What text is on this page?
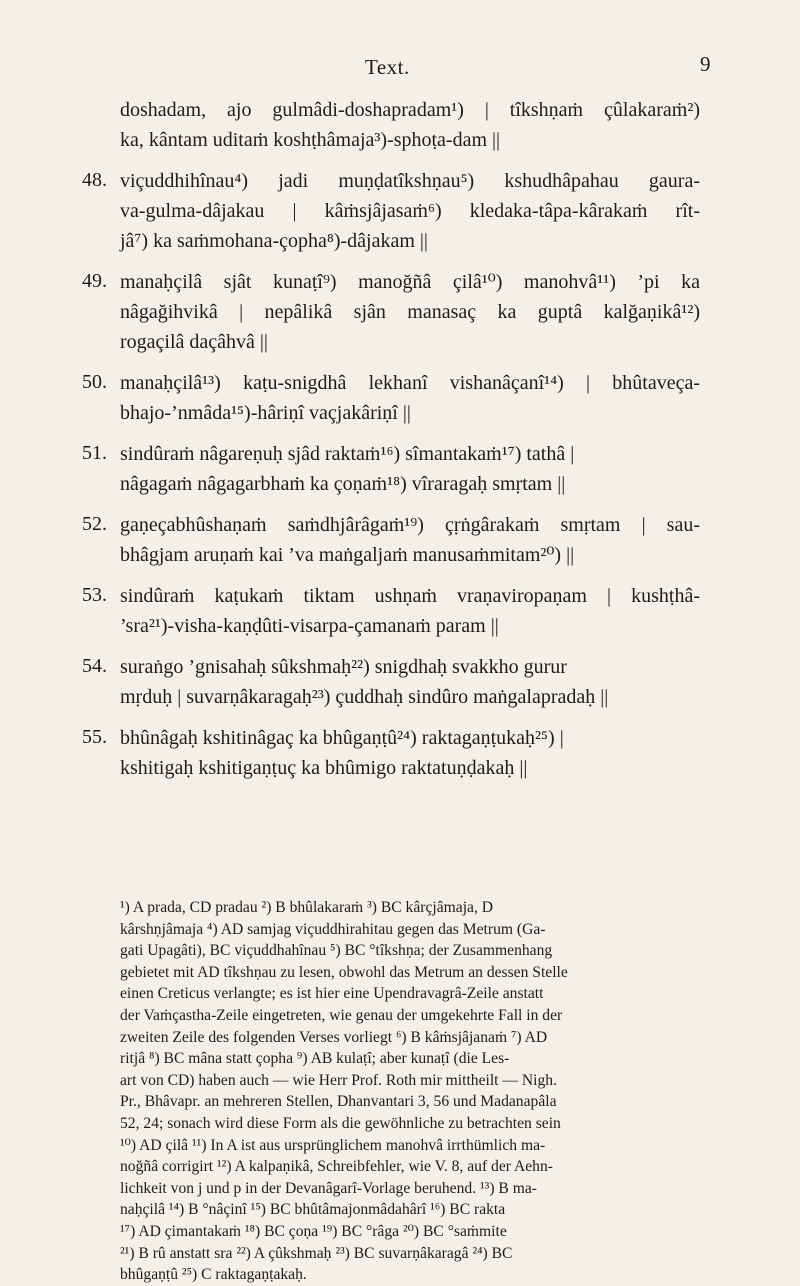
Text.	9
doshadam, ajo gulmâdi-doshapradam¹) | tîkshṇaṁ çûlakaraṁ²)
ka, kântam uditaṁ koshṭhâmaja³)-sphoṭa-dam ||
48. viçuddhihînau⁴) jadi muṇḍatîkshṇau⁵) kshudhâpahau gaura-
va-gulma-dâjakau | kâṁsjâjasaṁ⁶) kledaka-tâpa-kârakaṁ rît-
jâ⁷) ka saṁmohana-çopha⁸)-dâjakam ||
49. manaḥçilâ sjât kunaṭî⁹) manoğñâ çilâ¹⁰) manohvâ¹¹) ’pi ka
nâgağihvikâ | nepâlikâ sjân manasaç ka guptâ kalğaṇikâ¹²)
rogaçilâ daçâhvâ ||
50. manaḥçilâ¹³) kaṭu-snigdhâ lekhanî vishanâçanî¹⁴) | bhûtaveça-
bhajo-’nmâda¹⁵)-hâriṇî vaçjakâriṇî ||
51. sindûraṁ nâgareṇuḥ sjâd raktaṁ¹⁶) sîmantakaṁ¹⁷) tathâ |
nâgagaṁ nâgagarbhaṁ ka çoṇaṁ¹⁸) vîraragaḥ smṛtam ||
52. gaṇeçabhûshaṇaṁ saṁdhjârâgaṁ¹⁹) çṛṅgârakaṁ smṛtam | sau-
bhâgjam aruṇaṁ kai ’va maṅgaljaṁ manusaṁmitam²⁰) ||
53. sindûraṁ kaṭukaṁ tiktam ushṇaṁ vraṇaviropaṇam | kushṭhâ-
’sra²¹)-visha-kaṇḍûti-visarpa-çamanaṁ param ||
54. suraṅgo ’gnisahaḥ sûkshmaḥ²²) snigdhaḥ svakkho gurur
mṛduḥ | suvarṇâkaragaḥ²³) çuddhaḥ sindûro maṅgalapradaḥ ||
55. bhûnâgaḥ kshitinâgaç ka bhûgaṇṭû²⁴) raktagaṇṭukaḥ²⁵) |
kshitigaḥ kshitigaṇṭuç ka bhûmigo raktatuṇḍakaḥ ||
¹) A prada, CD pradau ²) B bhûlakaraṁ ³) BC kârçjâmaja, D
kârshṇjâmaja ⁴) AD samjag viçuddhirahitau gegen das Metrum (Ga-
gati Upagâti), BC viçuddhahînau ⁵) BC °tîkshṇa; der Zusammenhang
gebietet mit AD tîkshṇau zu lesen, obwohl das Metrum an dessen Stelle
einen Creticus verlangte; es ist hier eine Upendravagrâ-Zeile anstatt
der Vaṁçastha-Zeile eingetreten, wie genau der umgekehrte Fall in der
zweiten Zeile des folgenden Verses vorliegt ⁶) B kâṁsjâjanaṁ ⁷) AD
ritjâ ⁸) BC mâna statt çopha ⁹) AB kulaṭî; aber kunaṭî (die Les-
art von CD) haben auch — wie Herr Prof. Roth mir mittheilt — Nigh.
Pr., Bhâvapr. an mehreren Stellen, Dhanvantari 3, 56 und Madanapâla
52, 24; sonach wird diese Form als die gewöhnliche zu betrachten sein
¹⁰) AD çilâ ¹¹) In A ist aus ursprünglichem manohvâ irrthümlich ma-
noğñâ corrigirt ¹²) A kalpaṇikâ, Schreibfehler, wie V. 8, auf der Aehn-
lichkeit von j und p in der Devanâgarî-Vorlage beruhend. ¹³) B ma-
naḥçilâ ¹⁴) B °nâçinî ¹⁵) BC bhûtâmajonmâdahârî ¹⁶) BC rakta
¹⁷) AD çimantakaṁ ¹⁸) BC çoṇa ¹⁹) BC °râga ²⁰) BC °saṁmite
²¹) B rû anstatt sra ²²) A çûkshmaḥ ²³) BC suvarṇâkaragâ ²⁴) BC
bhûgaṇṭû ²⁵) C raktagaṇṭakaḥ.
